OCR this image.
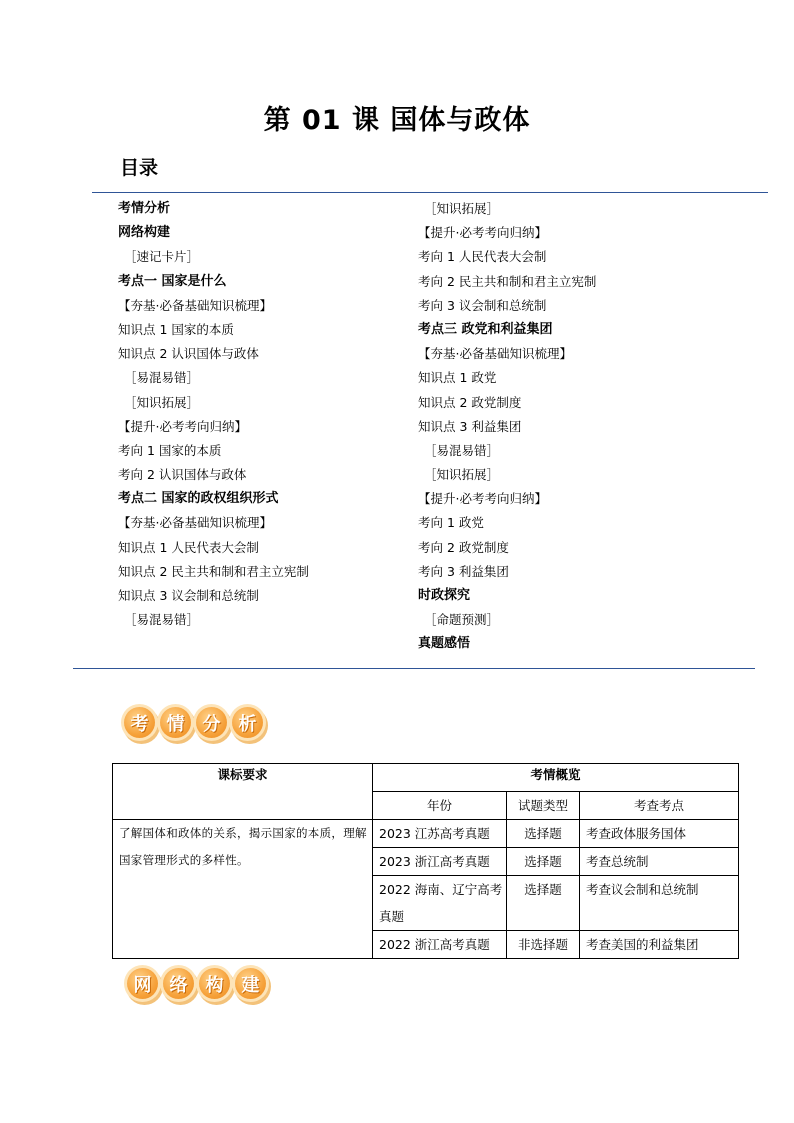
第 01 课 国体与政体
目录
考情分析
网络构建
［速记卡片］
考点一 国家是什么
【夯基·必备基础知识梳理】
知识点 1 国家的本质
知识点 2 认识国体与政体
［易混易错］
［知识拓展］
【提升·必考考向归纳】
考向 1 国家的本质
考向 2 认识国体与政体
考点二 国家的政权组织形式
【夯基·必备基础知识梳理】
知识点 1 人民代表大会制
知识点 2 民主共和制和君主立宪制
知识点 3 议会制和总统制
［易混易错］
［知识拓展］
【提升·必考考向归纳】
考向 1 人民代表大会制
考向 2 民主共和制和君主立宪制
考向 3 议会制和总统制
考点三 政党和利益集团
【夯基·必备基础知识梳理】
知识点 1 政党
知识点 2 政党制度
知识点 3 利益集团
［易混易错］
［知识拓展］
【提升·必考考向归纳】
考向 1 政党
考向 2 政党制度
考向 3 利益集团
时政探究
［命题预测］
真题感悟
考	情	分	析
课标要求	考情概览		
	年份	试题类型	考查考点
了解国体和政体的关系，揭示国家的本质，理解国家管理形式的多样性。	2023 江苏高考真题	选择题	考查政体服务国体
	2023 浙江高考真题	选择题	考查总统制
	2022 海南、辽宁高考真题	选择题	考查议会制和总统制
	2022 浙江高考真题	非选择题	考查美国的利益集团
网	络	构	建
